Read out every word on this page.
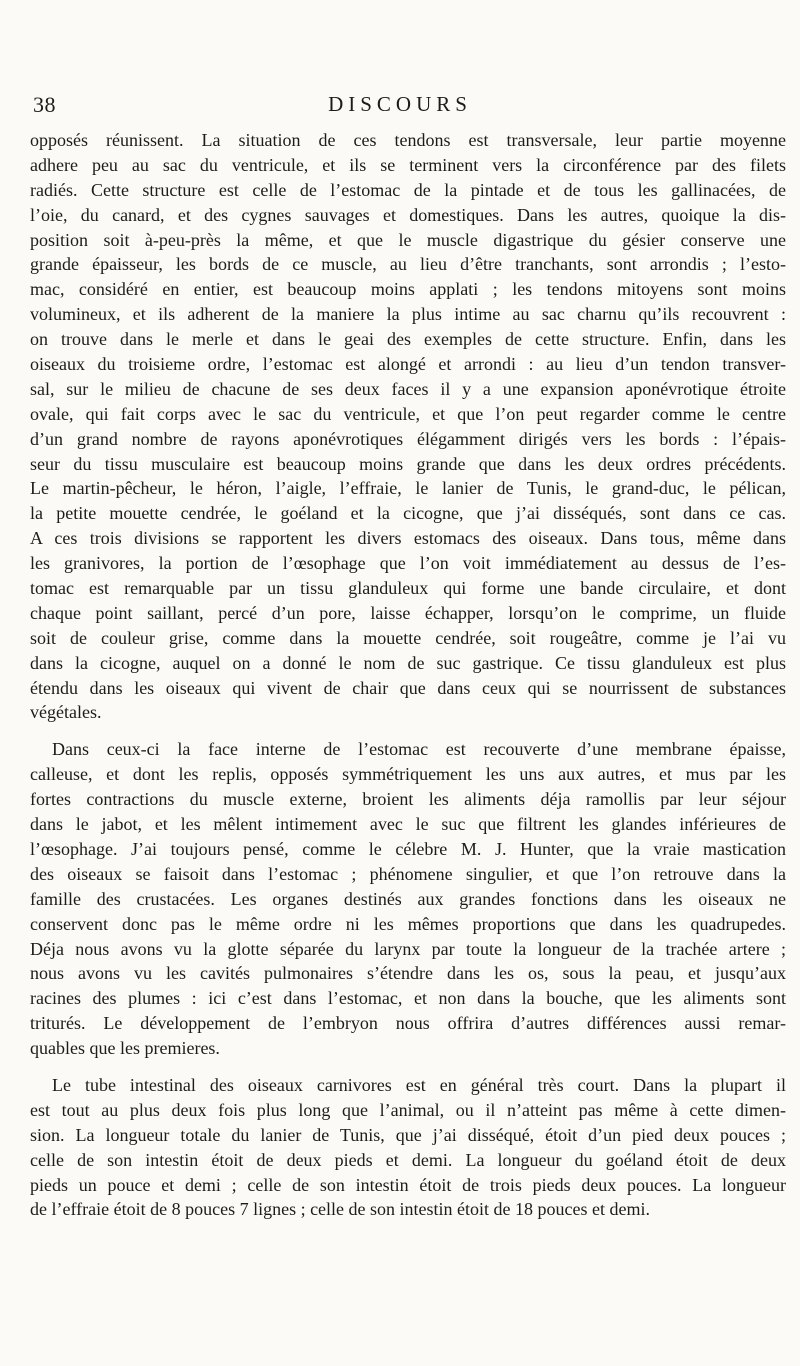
38	DISCOURS
opposés réunissent. La situation de ces tendons est transversale, leur partie moyenne
adhere peu au sac du ventricule, et ils se terminent vers la circonférence par des filets
radiés. Cette structure est celle de l’estomac de la pintade et de tous les gallinacées, de
l’oie, du canard, et des cygnes sauvages et domestiques. Dans les autres, quoique la dis-
position soit à-peu-près la même, et que le muscle digastrique du gésier conserve une
grande épaisseur, les bords de ce muscle, au lieu d’être tranchants, sont arrondis ; l’esto-
mac, considéré en entier, est beaucoup moins applati ; les tendons mitoyens sont moins
volumineux, et ils adherent de la maniere la plus intime au sac charnu qu’ils recouvrent :
on trouve dans le merle et dans le geai des exemples de cette structure. Enfin, dans les
oiseaux du troisieme ordre, l’estomac est alongé et arrondi : au lieu d’un tendon transver-
sal, sur le milieu de chacune de ses deux faces il y a une expansion aponévrotique étroite
ovale, qui fait corps avec le sac du ventricule, et que l’on peut regarder comme le centre
d’un grand nombre de rayons aponévrotiques élégamment dirigés vers les bords : l’épais-
seur du tissu musculaire est beaucoup moins grande que dans les deux ordres précédents.
Le martin-pêcheur, le héron, l’aigle, l’effraie, le lanier de Tunis, le grand-duc, le pélican,
la petite mouette cendrée, le goéland et la cicogne, que j’ai disséqués, sont dans ce cas.
A ces trois divisions se rapportent les divers estomacs des oiseaux. Dans tous, même dans
les granivores, la portion de l’œsophage que l’on voit immédiatement au dessus de l’es-
tomac est remarquable par un tissu glanduleux qui forme une bande circulaire, et dont
chaque point saillant, percé d’un pore, laisse échapper, lorsqu’on le comprime, un fluide
soit de couleur grise, comme dans la mouette cendrée, soit rougeâtre, comme je l’ai vu
dans la cicogne, auquel on a donné le nom de suc gastrique. Ce tissu glanduleux est plus
étendu dans les oiseaux qui vivent de chair que dans ceux qui se nourrissent de substances
végétales.
Dans ceux-ci la face interne de l’estomac est recouverte d’une membrane épaisse,
calleuse, et dont les replis, opposés symmétriquement les uns aux autres, et mus par les
fortes contractions du muscle externe, broient les aliments déja ramollis par leur séjour
dans le jabot, et les mêlent intimement avec le suc que filtrent les glandes inférieures de
l’œsophage. J’ai toujours pensé, comme le célebre M. J. Hunter, que la vraie mastication
des oiseaux se faisoit dans l’estomac ; phénomene singulier, et que l’on retrouve dans la
famille des crustacées. Les organes destinés aux grandes fonctions dans les oiseaux ne
conservent donc pas le même ordre ni les mêmes proportions que dans les quadrupedes.
Déja nous avons vu la glotte séparée du larynx par toute la longueur de la trachée artere ;
nous avons vu les cavités pulmonaires s’étendre dans les os, sous la peau, et jusqu’aux
racines des plumes : ici c’est dans l’estomac, et non dans la bouche, que les aliments sont
triturés. Le développement de l’embryon nous offrira d’autres différences aussi remar-
quables que les premieres.
Le tube intestinal des oiseaux carnivores est en général très court. Dans la plupart il
est tout au plus deux fois plus long que l’animal, ou il n’atteint pas même à cette dimen-
sion. La longueur totale du lanier de Tunis, que j’ai disséqué, étoit d’un pied deux pouces ;
celle de son intestin étoit de deux pieds et demi. La longueur du goéland étoit de deux
pieds un pouce et demi ; celle de son intestin étoit de trois pieds deux pouces. La longueur
de l’effraie étoit de 8 pouces 7 lignes ; celle de son intestin étoit de 18 pouces et demi.
